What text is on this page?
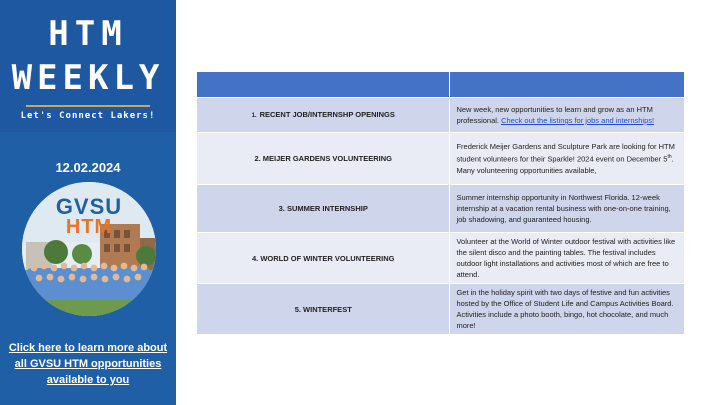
HTM
WEEKLY
Let's Connect Lakers!
12.02.2024
GVSU
HTM
Click here to learn more about all GVSU HTM opportunities available to you

1. RECENT JOB/INTERNSHP OPENINGS	New week, new opportunities to learn and grow as an HTM professional. Check out the listings for jobs and internships!
2. MEIJER GARDENS VOLUNTEERING	Frederick Meijer Gardens and Sculpture Park are looking for HTM student volunteers for their Sparkle! 2024 event on December 5th. Many volunteering opportunities available,
3. SUMMER INTERNSHIP	Summer internship opportunity in Northwest Florida. 12-week internship at a vacation rental business with one-on-one training, job shadowing, and guaranteed housing.
4. WORLD OF WINTER VOLUNTEERING	Volunteer at the World of Winter outdoor festival with activities like the silent disco and the painting tables. The festival includes outdoor light installations and activities most of which are free to attend.
5. WINTERFEST	Get in the holiday spirit with two days of festive and fun activities hosted by the Office of Student Life and Campus Activities Board. Activities include a photo booth, bingo, hot chocolate, and much more!
